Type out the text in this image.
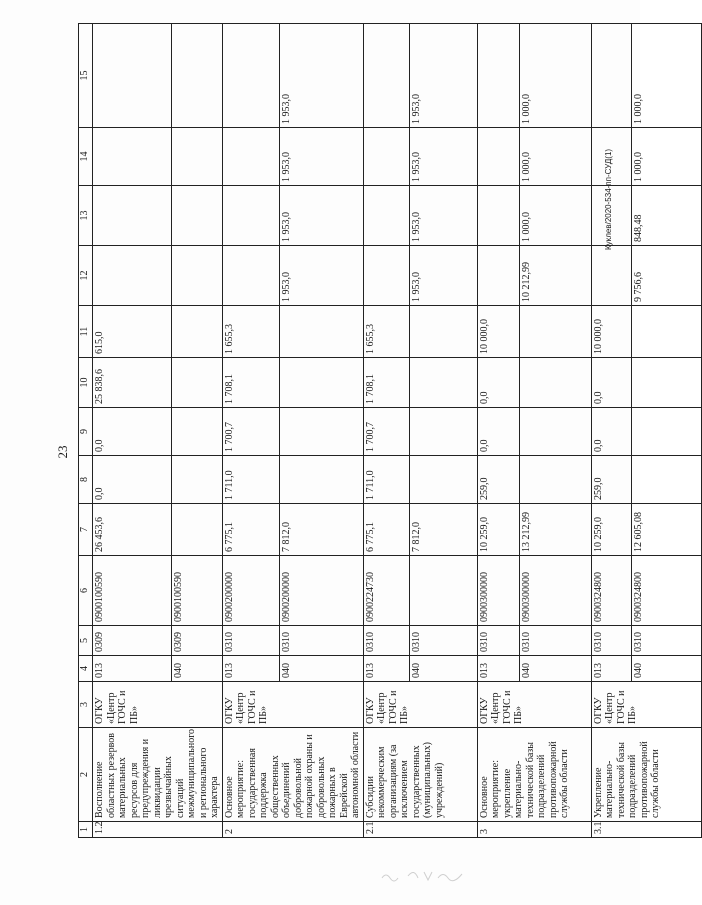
23
1	2	3	4	5	6	7	8	9	10	11	12	13	14	15
1.2	Восполнение областных резервов материальных ресурсов для предупреждения и ликвидации чрезвычайных ситуаций межмуниципального и регионального характера	ОГКУ «Центр ГОЧС и ПБ»	013	0309	0900100590	26 453,6	0,0	0,0	25 838,6	615,0				
			040	0309	0900100590									
2	Основное мероприятие: государственная поддержка общественных объединений добровольной пожарной охраны и добровольных пожарных в Еврейской автономной области	ОГКУ «Центр ГОЧС и ПБ»	013	0310	0900200000	6 775,1	1 711,0	1 700,7	1 708,1	1 655,3				
			040	0310	0900200000	7 812,0					1 953,0	1 953,0	1 953,0	1 953,0
2.1	Субсидии некоммерческим организациям (за исключением государственных (муниципальных) учреждений)	ОГКУ «Центр ГОЧС и ПБ»	013	0310	0900224730	6 775,1	1 711,0	1 700,7	1 708,1	1 655,3				
			040	0310		7 812,0					1 953,0	1 953,0	1 953,0	1 953,0
3	Основное мероприятие: укрепление материально-технической базы подразделений противопожарной службы области	ОГКУ «Центр ГОЧС и ПБ»	013	0310	0900300000	10 259,0	259,0	0,0	0,0	10 000,0				
			040	0310	0900300000	13 212,99					10 212,99	1 000,0	1 000,0	1 000,0
3.1	Укрепление материально-технической базы подразделений противопожарной службы области	ОГКУ «Центр ГОЧС и ПБ»	013	0310	0900324800	10 259,0	259,0	0,0	0,0	10 000,0				
			040	0310	0900324800	12 605,08					9 756,6	848,48	1 000,0	1 000,0
Куклев/2020-534-пп-СУД(1)
